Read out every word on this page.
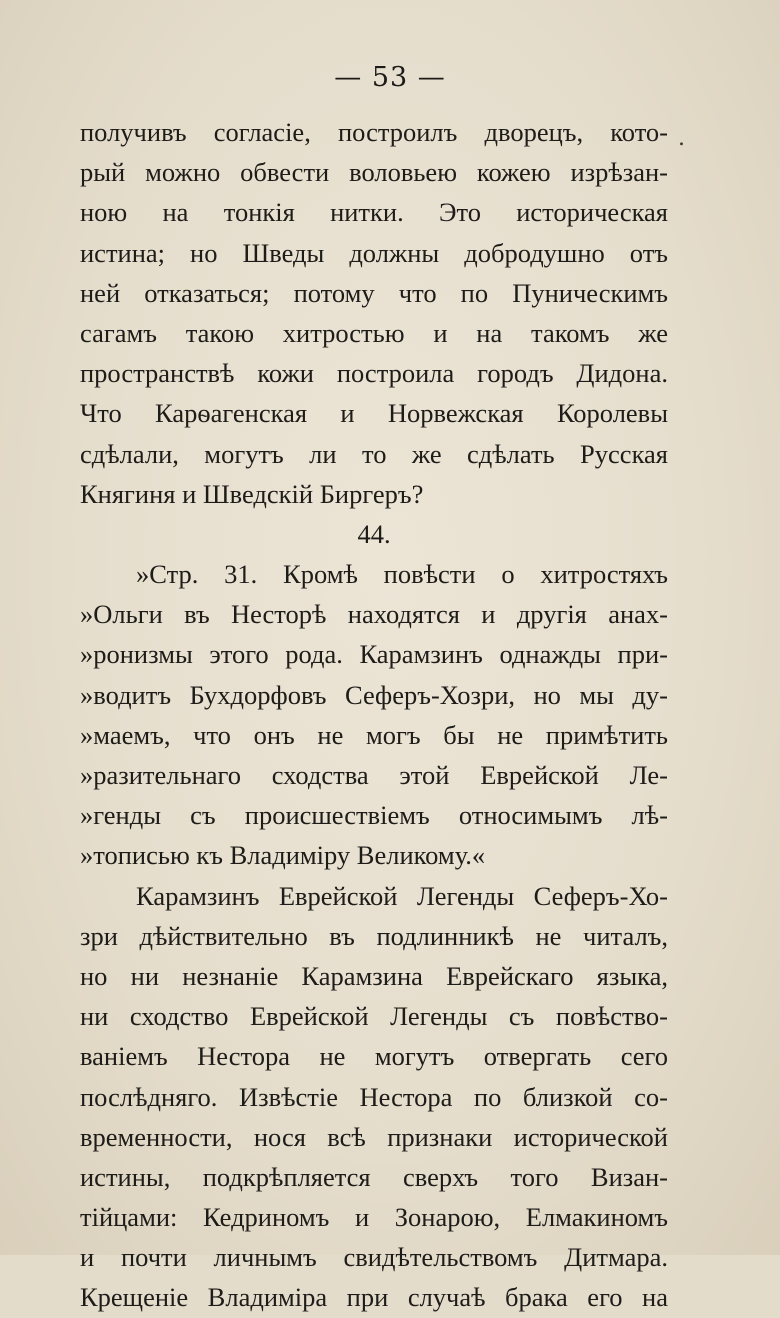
— 53 —
.
получивъ согласіе, построилъ дворецъ, кото-
рый можно обвести воловьею кожею изрѣзан-
ною на тонкія нитки. Это историческая
истина; но Шведы должны добродушно отъ
ней отказаться; потому что по Пуническимъ
сагамъ такою хитростью и на такомъ же
пространствѣ кожи построила городъ Дидона.
Что Карѳагенская и Норвежская Королевы
сдѣлали, могутъ ли то же сдѣлать Русская
Княгиня и Шведскій Биргеръ?
44.
»Стр. 31. Кромѣ повѣсти о хитростяхъ
»Ольги въ Несторѣ находятся и другія анах-
»ронизмы этого рода. Карамзинъ однажды при-
»водитъ Бухдорфовъ Сеферъ-Хозри, но мы ду-
»маемъ, что онъ не могъ бы не примѣтить
»разительнаго сходства этой Еврейской Ле-
»генды съ происшествіемъ относимымъ лѣ-
»тописью къ Владиміру Великому.«
Карамзинъ Еврейской Легенды Сеферъ-Хо-
зри дѣйствительно въ подлинникѣ не читалъ,
но ни незнаніе Карамзина Еврейскаго языка,
ни сходство Еврейской Легенды съ повѣство-
ваніемъ Нестора не могутъ отвергать сего
послѣдняго. Извѣстіе Нестора по близкой со-
временности, нося всѣ признаки исторической
истины, подкрѣпляется сверхъ того Визан-
тійцами: Кедриномъ и Зонарою, Елмакиномъ
и почти личнымъ свидѣтельствомъ Дитмара.
Крещеніе Владиміра при случаѣ брака его на
